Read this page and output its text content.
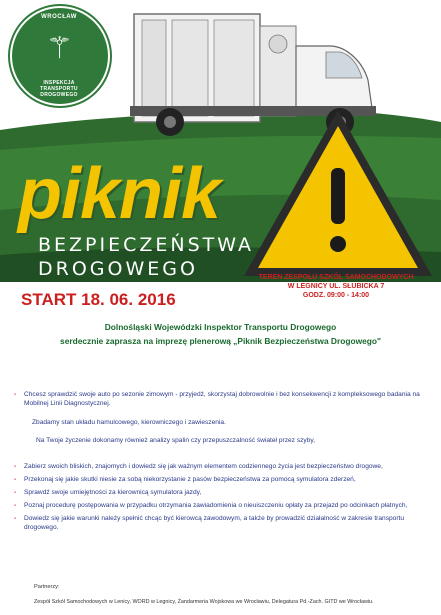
WROCŁAW
⚚
INSPEKCJA TRANSPORTU DROGOWEGO
piknik
BEZPIECZEŃSTWA
DROGOWEGO	TEREN ZESPOŁU SZKÓŁ SAMOCHODOWYCH
W LEGNICY UL. SŁUBICKA 7
GODZ. 09:00 - 14:00
START 18. 06. 2016
Dolnośląski Wojewódzki Inspektor Transportu Drogowego
serdecznie zaprasza na imprezę plenerową „Piknik Bezpieczeństwa Drogowego"
- Chcesz sprawdzić swoje auto po sezonie zimowym - przyjedź, skorzystaj dobrowolnie i bez konsekwencji z kompleksowego badania na Mobilnej Linii Diagnostycznej.
Zbadamy stan układu hamulcowego, kierowniczego i zawieszenia.
Na Twoje życzenie dokonamy również analizy spalin czy przepuszczalność świateł przez szyby,
- Zabierz swoich bliskich, znajomych i dowiedz się jak ważnym elementem codziennego życia jest bezpieczeństwo drogowe,
- Przekonaj się jakie skutki niesie za sobą niekorzystanie z pasów bezpieczeństwa za pomocą symulatora zderzeń,
- Sprawdź swoje umiejętności za kierownicą symulatora jazdy,
- Poznaj procedurę postępowania w przypadku otrzymania zawiadomienia o nieuiszczeniu opłaty za przejazd po odcinkach płatnych,
- Dowiedz się jakie warunki należy spełnić chcąc być kierowcą zawodowym, a także by prowadzić działalność w zakresie transportu drogowego.
Partnerzy:
Zespół Szkół Samochodowych w Lenicy, WORD w Legnicy, Żandarmeria Wojskowa we Wrocławiu, Delegatura Pd.-Zach. GITD we Wrocławiu.
